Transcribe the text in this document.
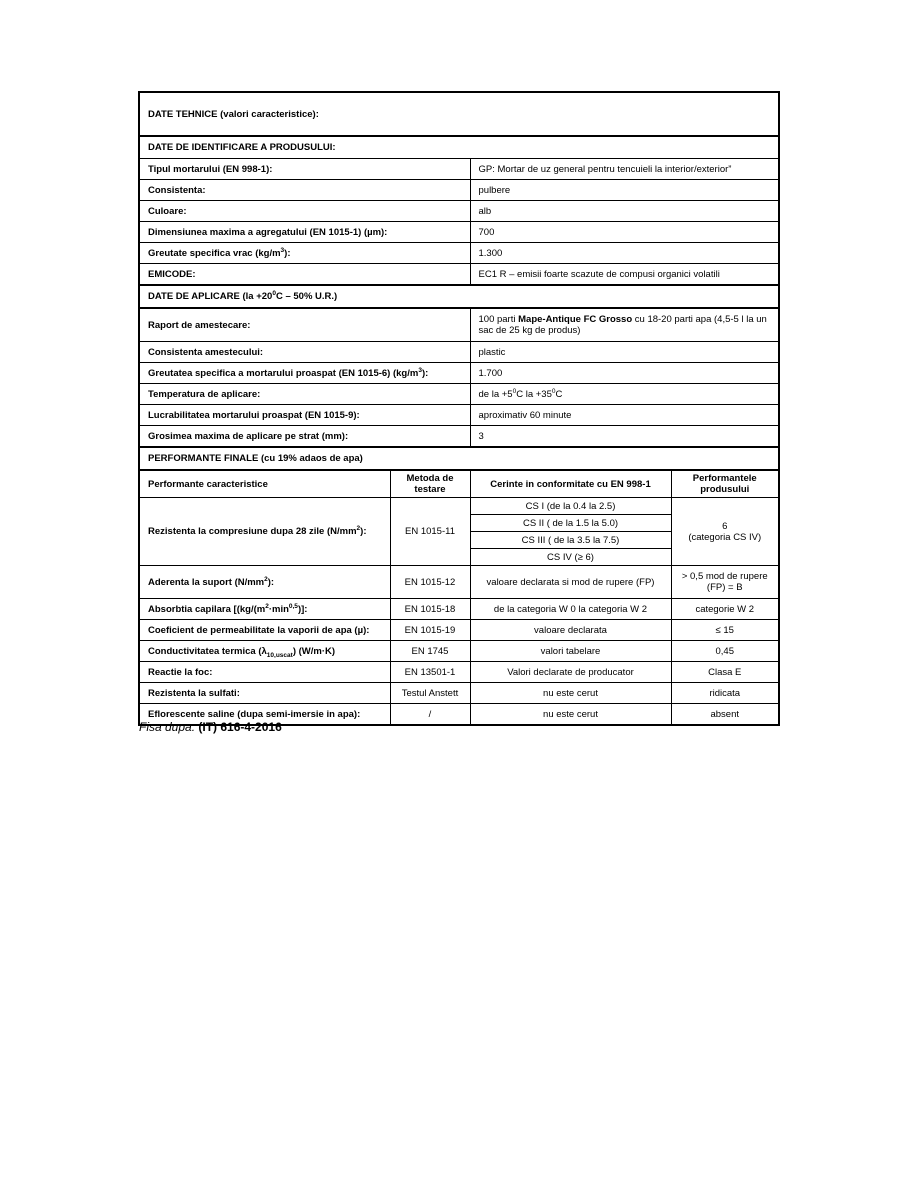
DATE TEHNICE (valori caracteristice):			
DATE DE IDENTIFICARE A PRODUSULUI:			
Tipul mortarului (EN 998-1):		GP: Mortar de uz general pentru tencuieli la interior/exterior”	
Consistenta:		pulbere	
Culoare:		alb	
Dimensiunea maxima a agregatului (EN 1015-1) (µm):		700	
Greutate specifica vrac $(kg/m^3)$:		1.300	
EMICODE:		EC1 R – emisii foarte scazute de compusi organici volatili	
DATE DE APLICARE ($la +20^0C - 50\%$ U.R.)			
Raport de amestecare:		100 parti Mape-Antique FC Grosso cu 18-20 parti apa (4,5-5 l la un sac de 25 kg de produs)	
Consistenta amestecului:		plastic	
Greutatea specifica a mortarului proaspat (EN 1015-6) $(kg/m^3)$:		1.700	
Temperatura de aplicare:		de la $+5^0C$ la $+35^0C$	
Lucrabilitatea mortarului proaspat (EN 1015-9):		aproximativ 60 minute	
Grosimea maxima de aplicare pe strat (mm):		3	
PERFORMANTE FINALE (cu 19% adaos de apa)			
Performante caracteristice	Metoda de testare	Cerinte in conformitate cu EN 998-1	Performantele produsului
Rezistenta la compresiune dupa 28 zile $(N/mm^2)$:	EN 1015-11	CS I (de la 0.4 la 2.5)	6
(categoria CS IV)

		CS II ( de la 1.5 la 5.0)	
		CS III ( de la 3.5 la 7.5)	
		CS IV (≥ 6)	
Aderenta la suport $(N/mm^2)$:	EN 1015-12	valoare declarata si mod de rupere (FP)	> 0,5 mod de rupere (FP) = B
Absorbtia capilara [$(kg/(m^2\cdot\min^{0,5})]$:	EN 1015-18	de la categoria W 0 la categoria W 2	categorie W 2
Coeficient de permeabilitate la vaporii de apa (µ):	EN 1015-19	valoare declarata	≤ 15
Conductivitatea termica $(\lambda_{10,uscat})$ (W/m·K)	EN 1745	valori tabelare	0,45
Reactie la foc:	EN 13501-1	Valori declarate de producator	Clasa E
Rezistenta la sulfati:	Testul Anstett	nu este cerut	ridicata
Eflorescente saline (dupa semi-imersie in apa):	/	nu este cerut	absent
Fisa dupa: (IT) 616-4-2016
